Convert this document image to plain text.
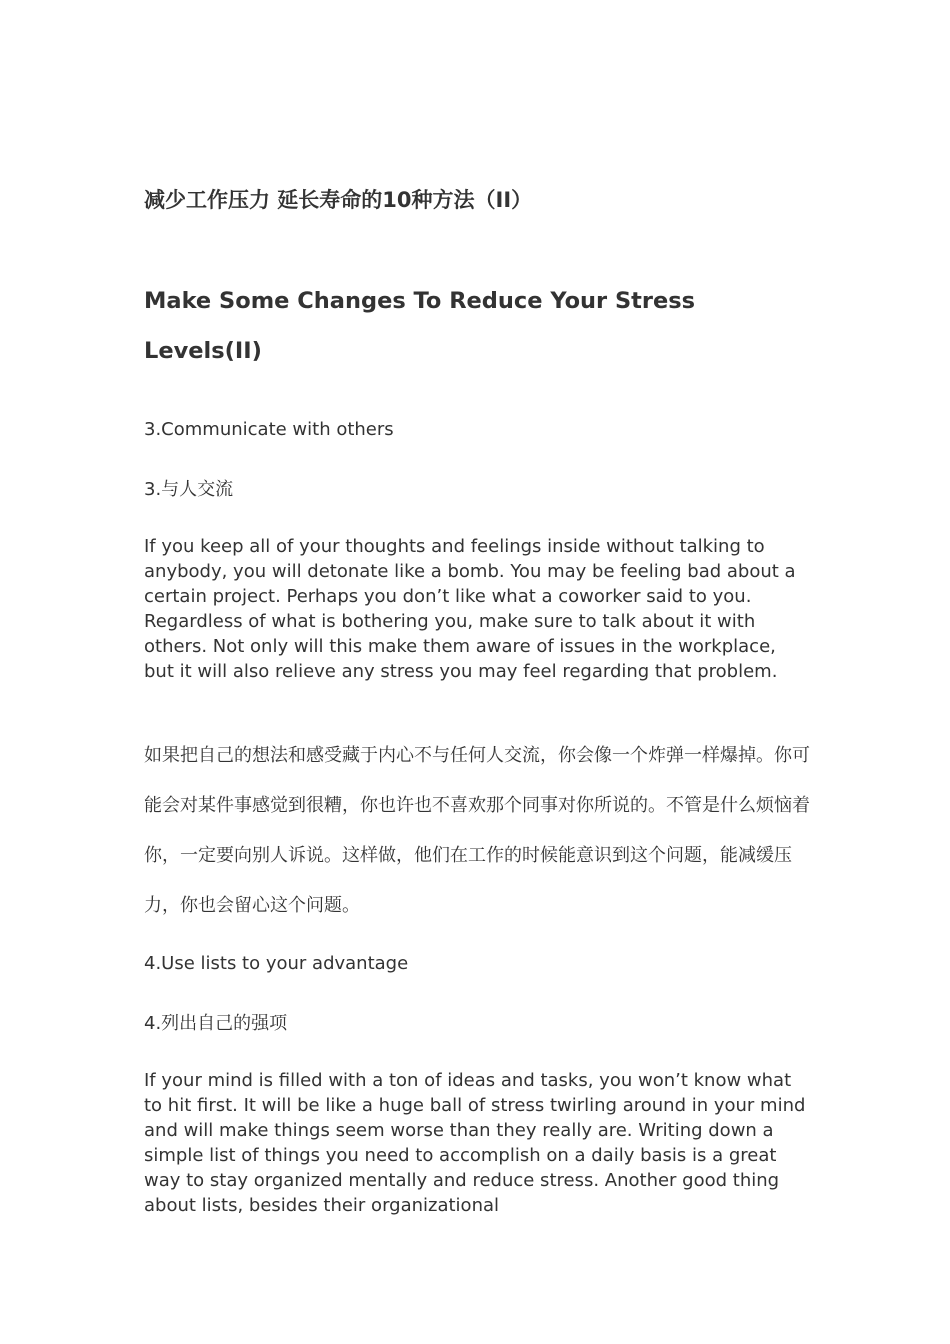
减少工作压力 延长寿命的10种方法（II）
Make Some Changes To Reduce Your Stress Levels(II)

3.Communicate with others

3.与人交流

If you keep all of your thoughts and feelings inside without talking to anybody, you will detonate like a bomb. You may be feeling bad about a certain project. Perhaps you don’t like what a coworker said to you. Regardless of what is bothering you, make sure to talk about it with others. Not only will this make them aware of issues in the workplace, but it will also relieve any stress you may feel regarding that problem.

如果把自己的想法和感受藏于内心不与任何人交流，你会像一个炸弹一样爆掉。你可能会对某件事感觉到很糟，你也许也不喜欢那个同事对你所说的。不管是什么烦恼着你，一定要向别人诉说。这样做，他们在工作的时候能意识到这个问题，能减缓压力，你也会留心这个问题。

4.Use lists to your advantage

4.列出自己的强项

If your mind is filled with a ton of ideas and tasks, you won’t know what to hit first. It will be like a huge ball of stress twirling around in your mind and will make things seem worse than they really are. Writing down a simple list of things you need to accomplish on a daily basis is a great way to stay organized mentally and reduce stress. Another good thing about lists, besides their organizational
